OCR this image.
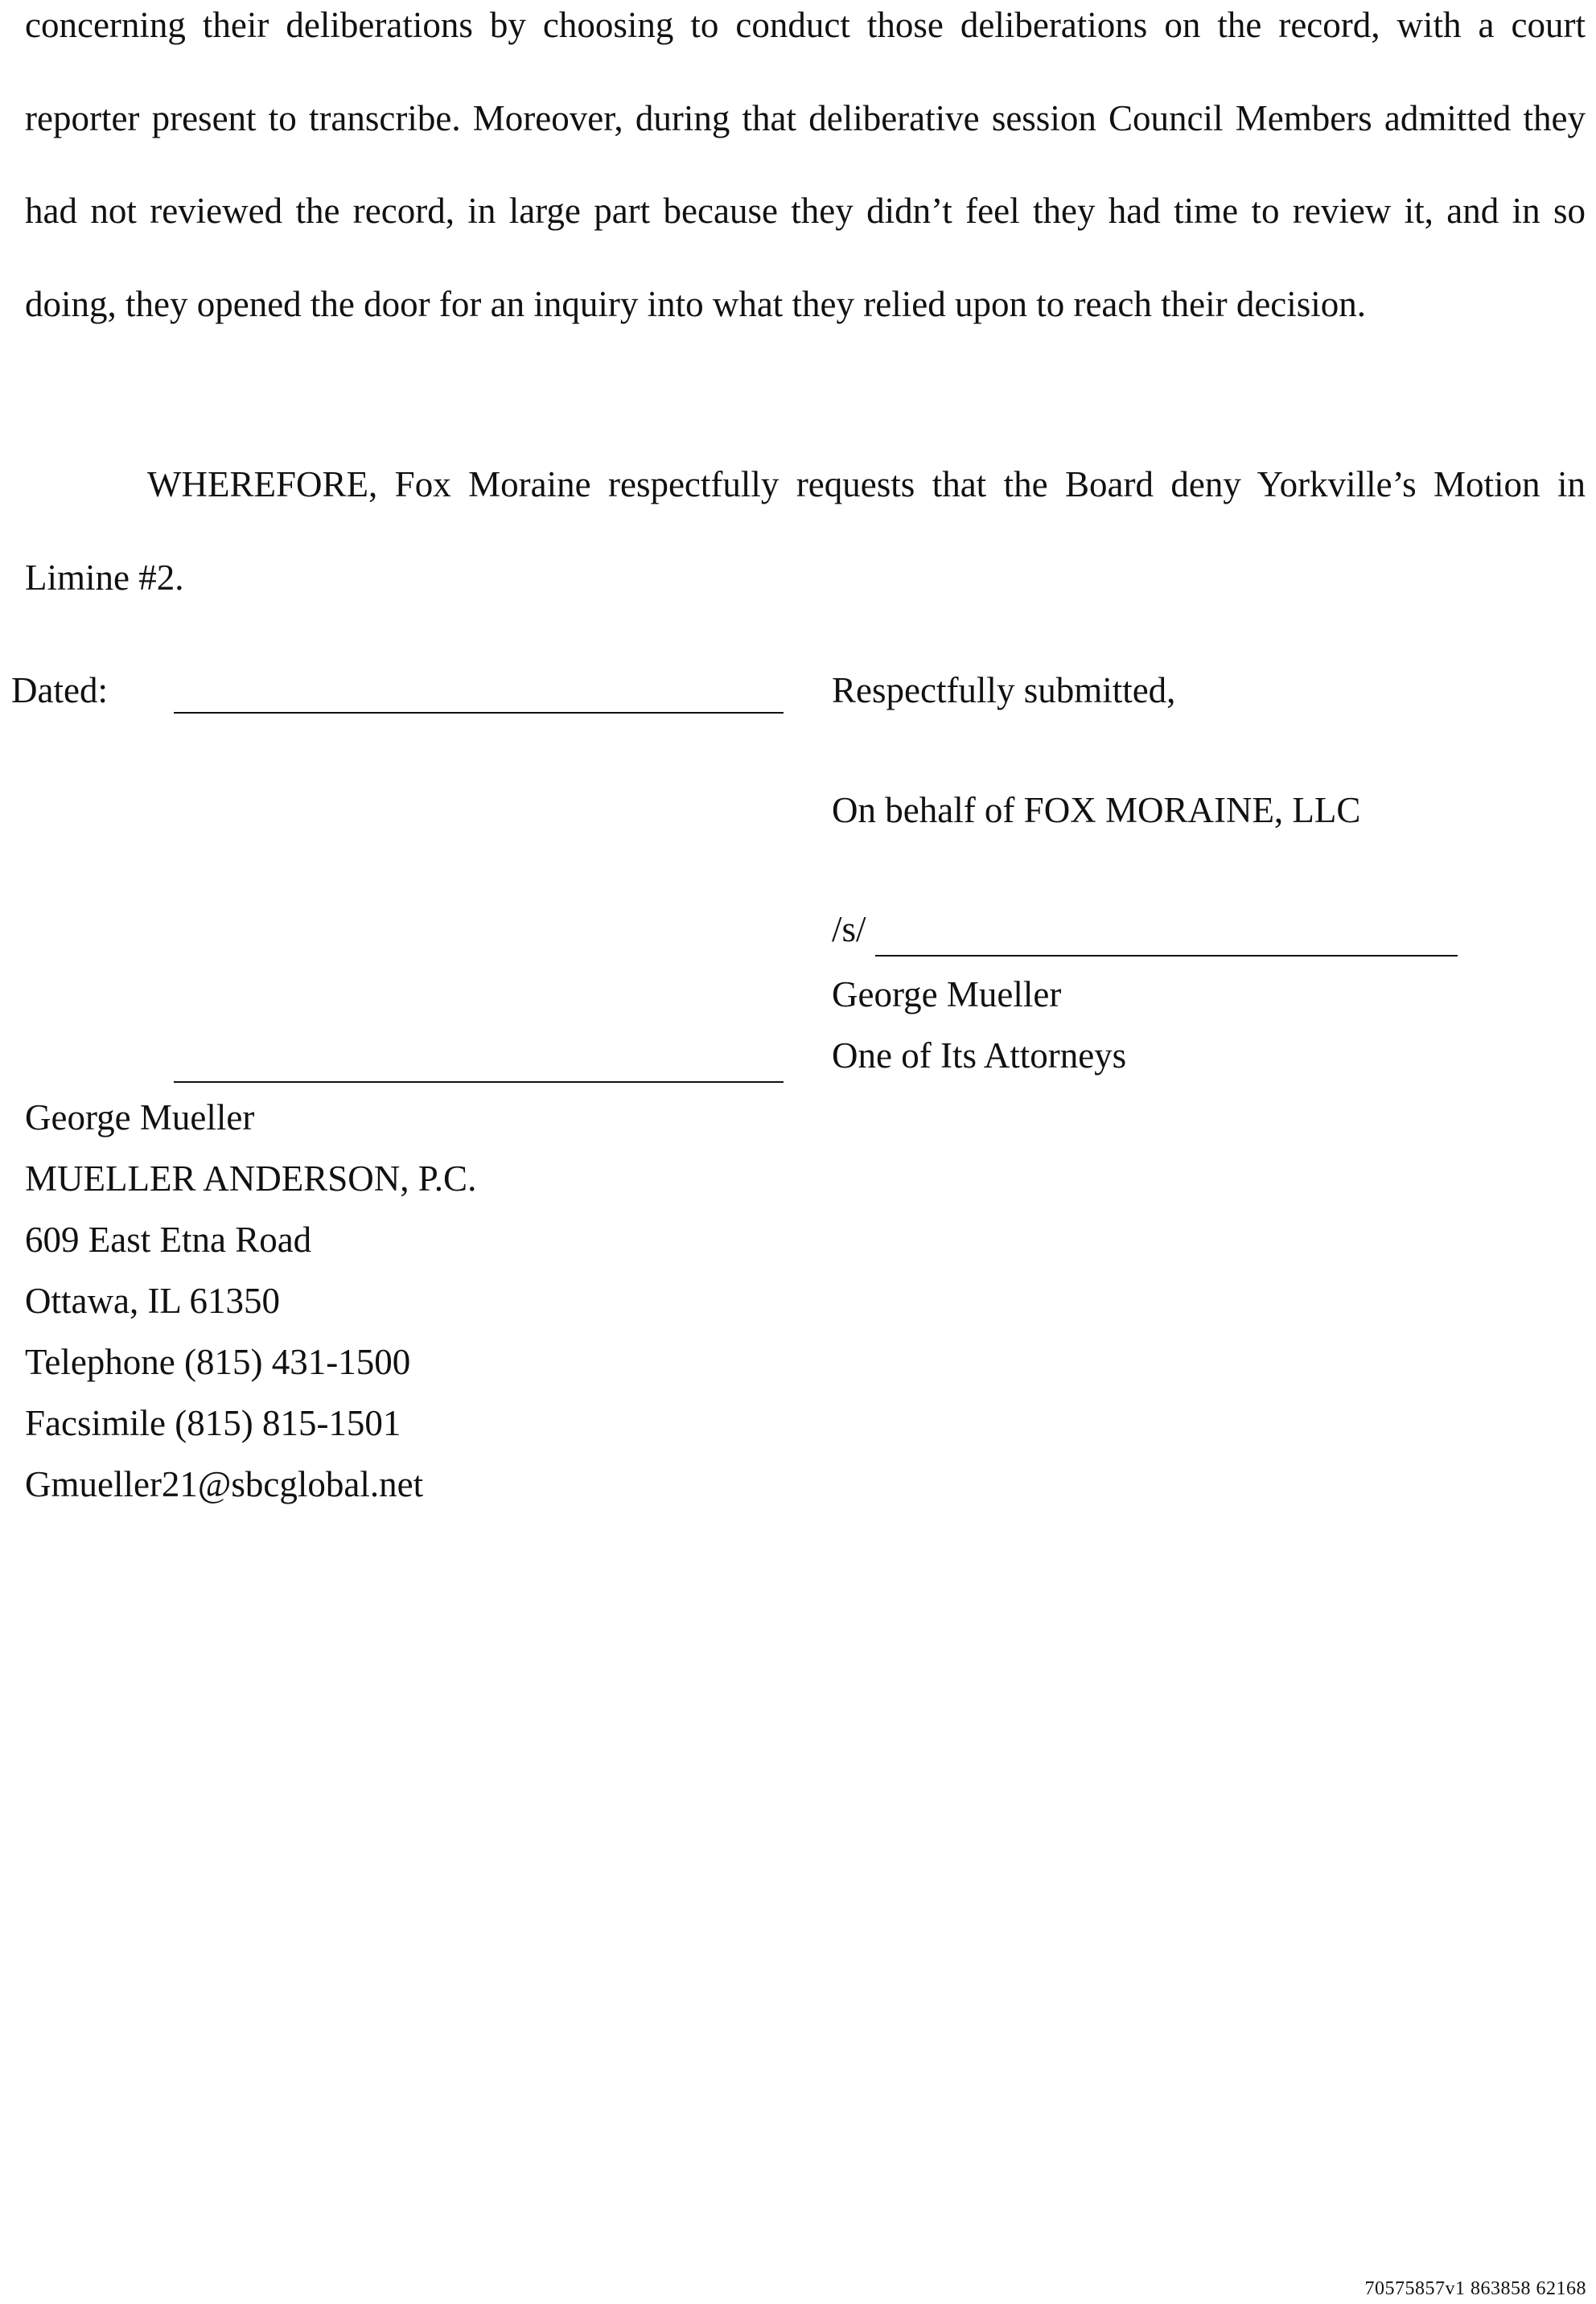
concerning their deliberations by choosing to conduct those deliberations on the record, with a court reporter present to transcribe. Moreover, during that deliberative session Council Members admitted they had not reviewed the record, in large part because they didn’t feel they had time to review it, and in so doing, they opened the door for an inquiry into what they relied upon to reach their decision.
WHEREFORE, Fox Moraine respectfully requests that the Board deny Yorkville’s Motion in Limine #2.
Dated:	Respectfully submitted,
On behalf of FOX MORAINE, LLC
/s/
George Mueller
One of Its Attorneys
George Mueller
MUELLER ANDERSON, P.C.
609 East Etna Road
Ottawa, IL 61350
Telephone (815) 431-1500
Facsimile (815) 815-1501
Gmueller21@sbcglobal.net
70575857v1 863858 62168
